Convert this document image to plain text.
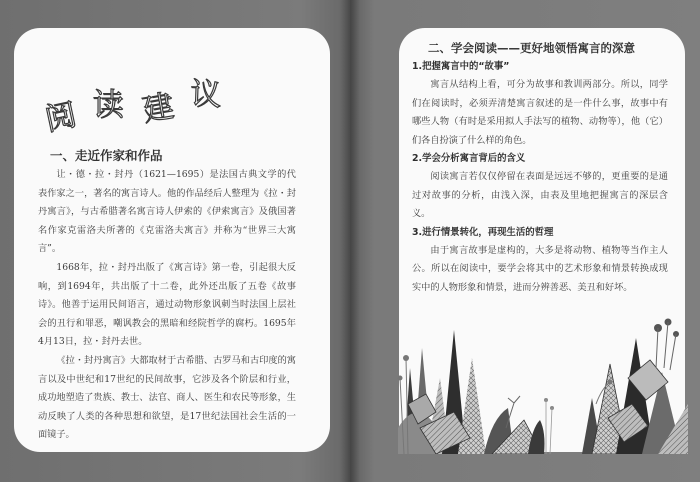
阅 读 建 议
一、走近作家和作品

让・德・拉・封丹（1621—1695）是法国古典文学的代表作家之一，著名的寓言诗人。他的作品经后人整理为《拉・封丹寓言》，与古希腊著名寓言诗人伊索的《伊索寓言》及俄国著名作家克雷洛夫所著的《克雷洛夫寓言》并称为“世界三大寓言”。

1668年，拉・封丹出版了《寓言诗》第一卷，引起很大反响，到1694年，共出版了十二卷，此外还出版了五卷《故事诗》。他善于运用民间语言，通过动物形象讽刺当时法国上层社会的丑行和罪恶，嘲讽教会的黑暗和经院哲学的腐朽。1695年4月13日，拉・封丹去世。

《拉・封丹寓言》大都取材于古希腊、古罗马和古印度的寓言以及中世纪和17世纪的民间故事，它涉及各个阶层和行业，成功地塑造了贵族、教士、法官、商人、医生和农民等形象，生动反映了人类的各种思想和欲望，是17世纪法国社会生活的一面镜子。

二、学会阅读——更好地领悟寓言的深意
1.把握寓言中的“故事”

寓言从结构上看，可分为故事和教训两部分。所以，同学们在阅读时，必须弄清楚寓言叙述的是一件什么事，故事中有哪些人物（有时是采用拟人手法写的植物、动物等），他（它）们各自扮演了什么样的角色。

2.学会分析寓言背后的含义

阅读寓言若仅仅停留在表面是远远不够的，更重要的是通过对故事的分析，由浅入深，由表及里地把握寓言的深层含义。

3.进行情景转化，再现生活的哲理

由于寓言故事是虚构的，大多是将动物、植物等当作主人公。所以在阅读中，要学会将其中的艺术形象和情景转换成现实中的人物形象和情景，进而分辨善恶、美丑和好坏。
